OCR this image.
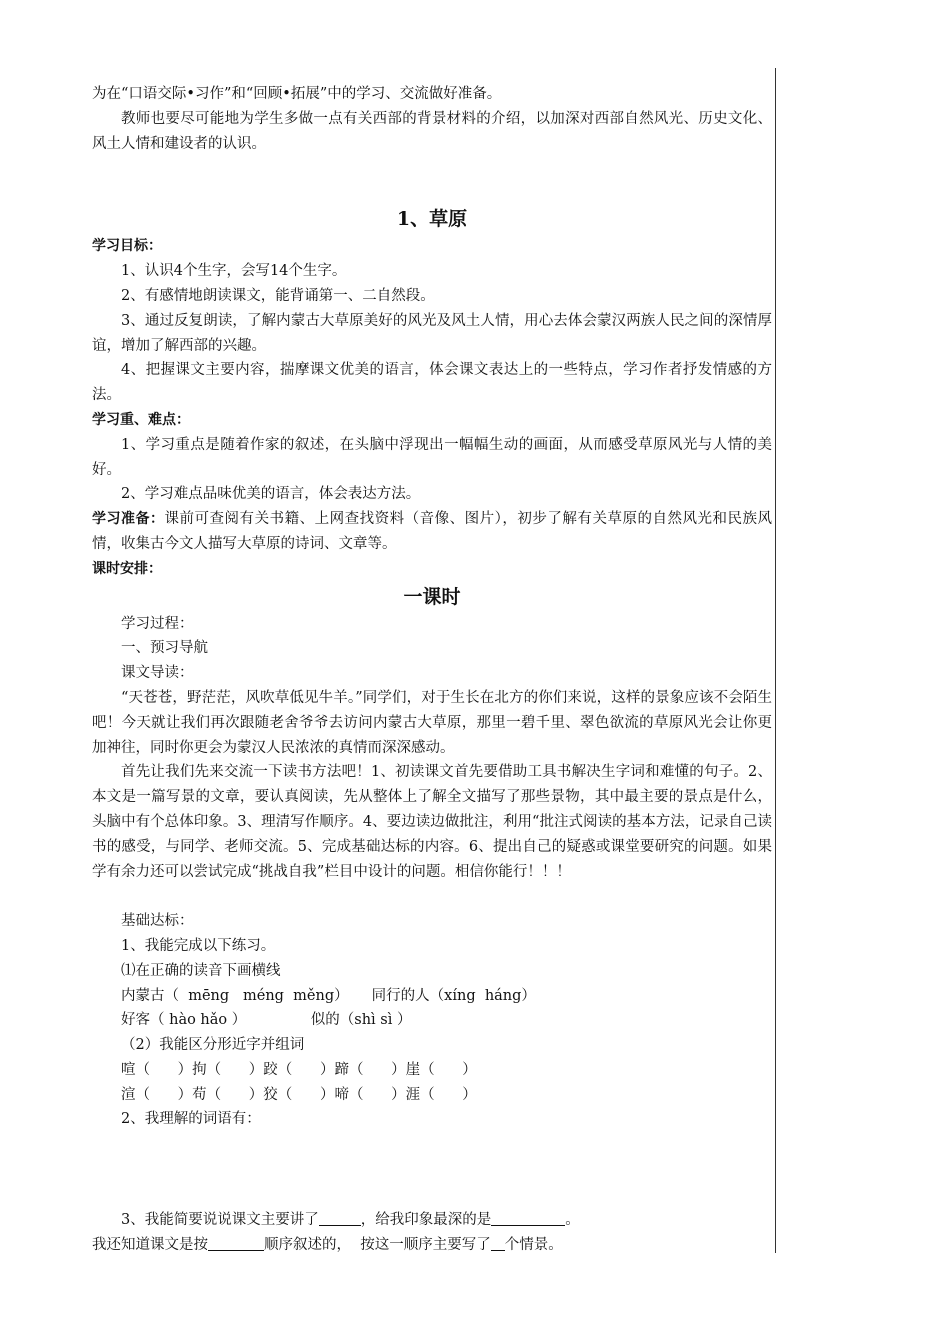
为在“口语交际•习作”和“回顾•拓展”中的学习、交流做好准备。

教师也要尽可能地为学生多做一点有关西部的背景材料的介绍，以加深对西部自然风光、历史文化、风土人情和建设者的认识。

1、草原

学习目标：

1、认识4个生字，会写14个生字。

2、有感情地朗读课文，能背诵第一、二自然段。

3、通过反复朗读，了解内蒙古大草原美好的风光及风土人情，用心去体会蒙汉两族人民之间的深情厚谊，增加了解西部的兴趣。

4、把握课文主要内容，揣摩课文优美的语言，体会课文表达上的一些特点，学习作者抒发情感的方法。

学习重、难点：

1、学习重点是随着作家的叙述，在头脑中浮现出一幅幅生动的画面，从而感受草原风光与人情的美好。

2、学习难点品味优美的语言，体会表达方法。

学习准备：课前可查阅有关书籍、上网查找资料（音像、图片），初步了解有关草原的自然风光和民族风情，收集古今文人描写大草原的诗词、文章等。

课时安排：

一课时

学习过程：

一、预习导航

课文导读：

“天苍苍，野茫茫，风吹草低见牛羊。”同学们，对于生长在北方的你们来说，这样的景象应该不会陌生吧！今天就让我们再次跟随老舍爷爷去访问内蒙古大草原，那里一碧千里、翠色欲流的草原风光会让你更加神往，同时你更会为蒙汉人民浓浓的真情而深深感动。

首先让我们先来交流一下读书方法吧！1、初读课文首先要借助工具书解决生字词和难懂的句子。2、本文是一篇写景的文章，要认真阅读，先从整体上了解全文描写了那些景物，其中最主要的景点是什么，头脑中有个总体印象。3、理清写作顺序。4、要边读边做批注，利用“批注式阅读的基本方法，记录自己读书的感受，与同学、老师交流。5、完成基础达标的内容。6、提出自己的疑惑或课堂要研究的问题。如果学有余力还可以尝试完成“挑战自我”栏目中设计的问题。相信你能行！！！

基础达标：

1、我能完成以下练习。

⑴在正确的读音下画横线

内蒙古（  mēng   méng  měng）     同行的人（xíng  háng）

好客（ hào hǎo ）              似的（shì sì ）

（2）我能区分形近字并组词

喧（      ）拘（      ）跤（      ）蹄（      ）崖（      ）

渲（      ）苟（      ）狡（      ）啼（      ）涯（      ）

2、我理解的词语有：

3、我能简要说说课文主要讲了	，给我印象最深的是	。

我还知道课文是按	顺序叙述的，  按这一顺序主要写了 个情景。
